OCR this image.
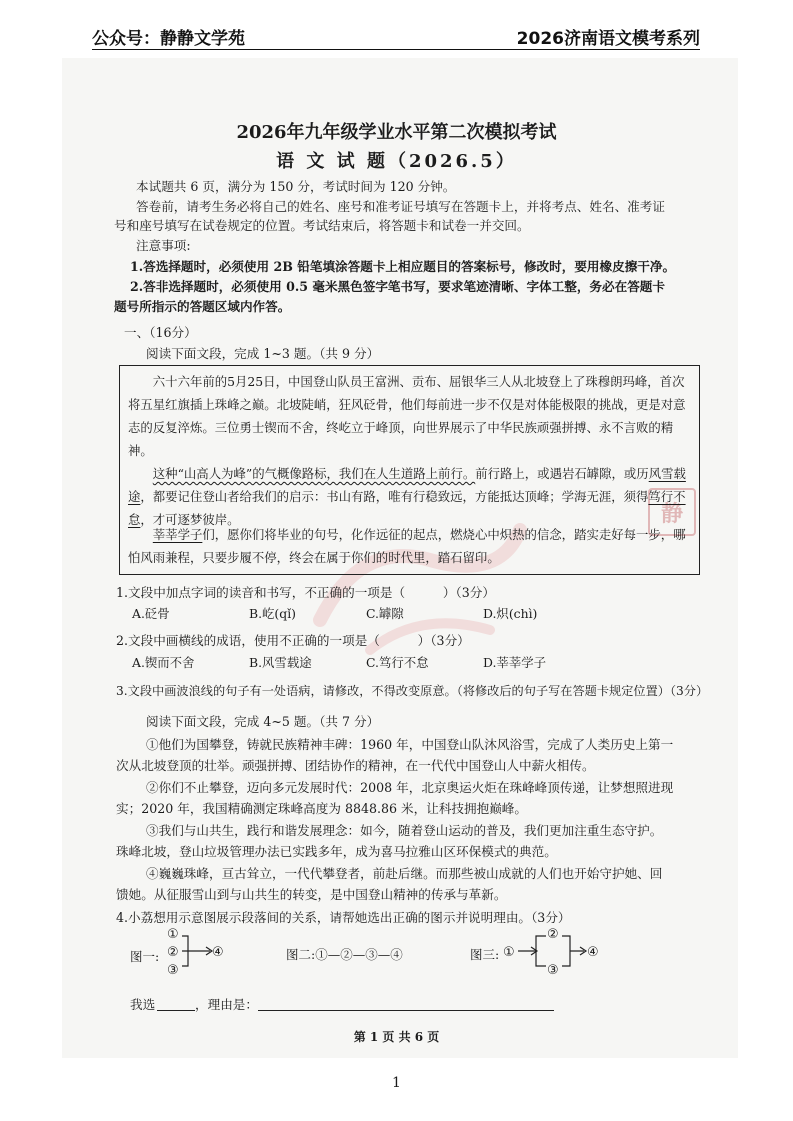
公众号：静静文学苑	2026济南语文模考系列
静
2026年九年级学业水平第二次模拟考试
语 文 试 题（2026.5）
本试题共 6 页，满分为 150 分，考试时间为 120 分钟。
答卷前，请考生务必将自己的姓名、座号和准考证号填写在答题卡上，并将考点、姓名、准考证
号和座号填写在试卷规定的位置。考试结束后，将答题卡和试卷一并交回。
注意事项:
1.答选择题时，必须使用 2B 铅笔填涂答题卡上相应题目的答案标号，修改时，要用橡皮擦干净。
2.答非选择题时，必须使用 0.5 毫米黑色签字笔书写，要求笔迹清晰、字体工整，务必在答题卡
题号所指示的答题区域内作答。
一、（16分）
阅读下面文段，完成 1~3 题。（共 9 分）

六十六年前的5月25日，中国登山队员王富洲、贡布、屈银华三人从北坡登上了珠穆朗玛峰，首次将五星红旗插上珠峰之巅。北坡陡峭，狂风砭骨，他们每前进一步不仅是对体能极限的挑战，更是对意志的反复淬炼。三位勇士锲而不舍，终屹立于峰顶，向世界展示了中华民族顽强拼搏、永不言败的精神。

这种“山高人为峰”的气概像路标，我们在人生道路上前行。前行路上，或遇岩石罅隙，或历风雪载途，都要记住登山者给我们的启示：书山有路，唯有行稳致远，方能抵达顶峰；学海无涯，须得笃行不怠，才可逐梦彼岸。

莘莘学子们，愿你们将毕业的句号，化作远征的起点，燃烧心中炽热的信念，踏实走好每一步，哪怕风雨兼程，只要步履不停，终会在属于你们的时代里，踏石留印。

1.文段中加点字词的读音和书写，不正确的一项是（　　　）（3分）
A.砭骨	B.屹(qǐ)	C.罅隙	D.炽(chì)
2.文段中画横线的成语，使用不正确的一项是（　　　）（3分）
A.锲而不舍	B.风雪载途	C.笃行不怠	D.莘莘学子
3.文段中画波浪线的句子有一处语病，请修改，不得改变原意。（将修改后的句子写在答题卡规定位置）（3分）
阅读下面文段，完成 4~5 题。（共 7 分）
①他们为国攀登，铸就民族精神丰碑：1960 年，中国登山队沐风浴雪，完成了人类历史上第一
次从北坡登顶的壮举。顽强拼搏、团结协作的精神，在一代代中国登山人中薪火相传。
②你们不止攀登，迈向多元发展时代：2008 年，北京奥运火炬在珠峰峰顶传递，让梦想照进现
实；2020 年，我国精确测定珠峰高度为 8848.86 米，让科技拥抱巅峰。
③我们与山共生，践行和谐发展理念：如今，随着登山运动的普及，我们更加注重生态守护。
珠峰北坡，登山垃圾管理办法已实践多年，成为喜马拉雅山区环保模式的典范。
④巍巍珠峰，亘古耸立，一代代攀登者，前赴后继。而那些被山成就的人们也开始守护她、回
馈她。从征服雪山到与山共生的转变，是中国登山精神的传承与革新。
4.小荔想用示意图展示段落间的关系，请帮她选出正确的图示并说明理由。（3分）
图一:
①
②
③
④	图二:①—②—③—④	图三: ①
②
③
④
我选	，理由是：
第 1 页 共 6 页
1
